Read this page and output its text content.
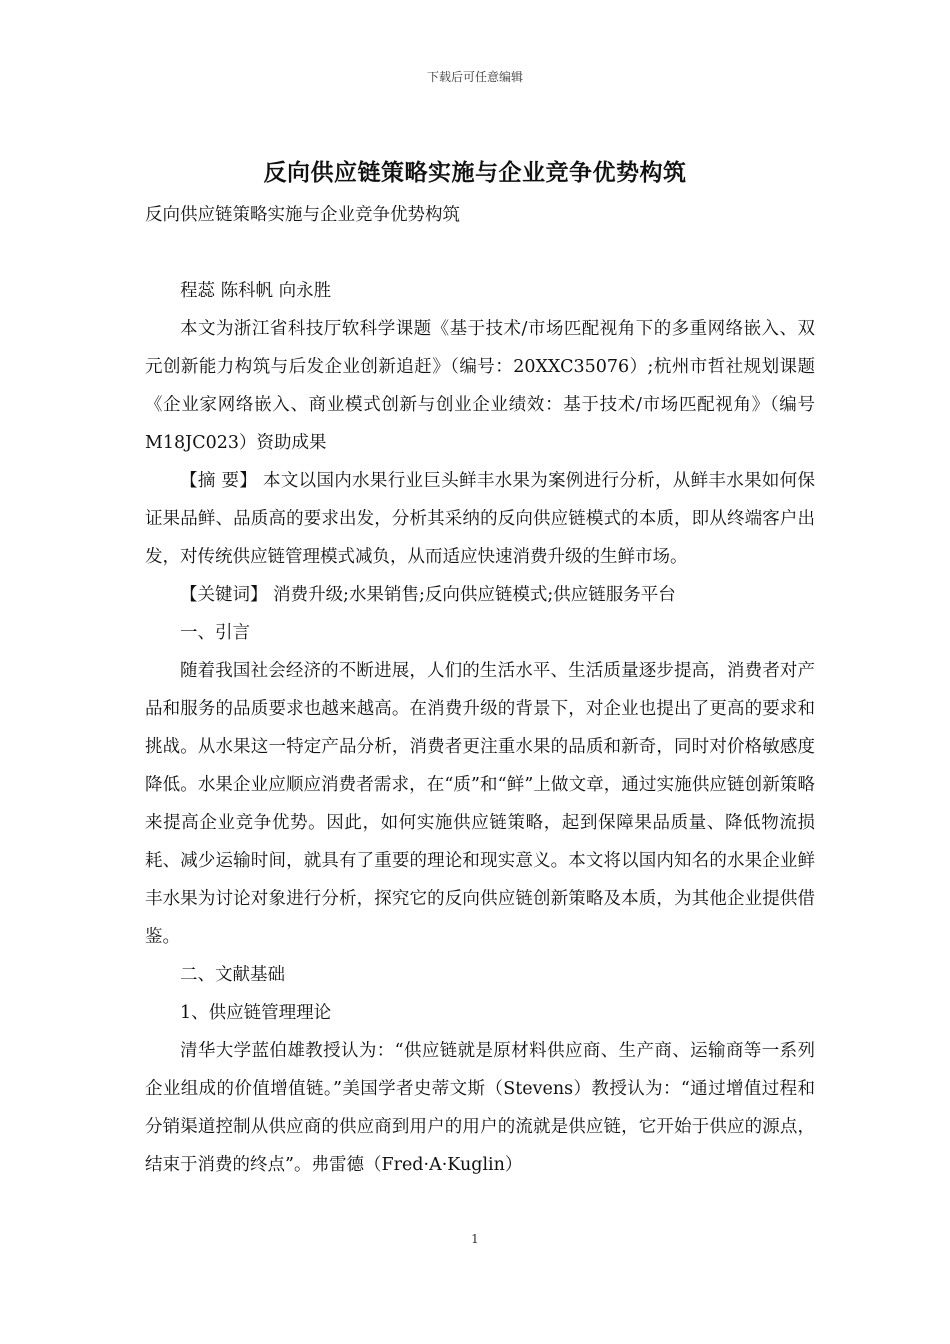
下载后可任意编辑
反向供应链策略实施与企业竞争优势构筑

反向供应链策略实施与企业竞争优势构筑

程蕊 陈科帆 向永胜

本文为浙江省科技厅软科学课题《基于技术/市场匹配视角下的多重网络嵌入、双元创新能力构筑与后发企业创新追赶》（编号：20XXC35076）;杭州市哲社规划课题《企业家网络嵌入、商业模式创新与创业企业绩效：基于技术/市场匹配视角》（编号M18JC023）资助成果

【摘 要】 本文以国内水果行业巨头鲜丰水果为案例进行分析，从鲜丰水果如何保证果品鲜、品质高的要求出发，分析其采纳的反向供应链模式的本质，即从终端客户出发，对传统供应链管理模式减负，从而适应快速消费升级的生鲜市场。

【关键词】 消费升级;水果销售;反向供应链模式;供应链服务平台

一、引言

随着我国社会经济的不断进展，人们的生活水平、生活质量逐步提高，消费者对产品和服务的品质要求也越来越高。在消费升级的背景下，对企业也提出了更高的要求和挑战。从水果这一特定产品分析，消费者更注重水果的品质和新奇，同时对价格敏感度降低。水果企业应顺应消费者需求，在“质”和“鲜”上做文章，通过实施供应链创新策略来提高企业竞争优势。因此，如何实施供应链策略，起到保障果品质量、降低物流损耗、减少运输时间，就具有了重要的理论和现实意义。本文将以国内知名的水果企业鲜丰水果为讨论对象进行分析，探究它的反向供应链创新策略及本质，为其他企业提供借鉴。

二、文献基础

1、供应链管理理论

清华大学蓝伯雄教授认为：“供应链就是原材料供应商、生产商、运输商等一系列企业组成的价值增值链。”美国学者史蒂文斯（Stevens）教授认为：“通过增值过程和分销渠道控制从供应商的供应商到用户的用户的流就是供应链，它开始于供应的源点，结束于消费的终点”。弗雷德（Fred·A·Kuglin）

1
